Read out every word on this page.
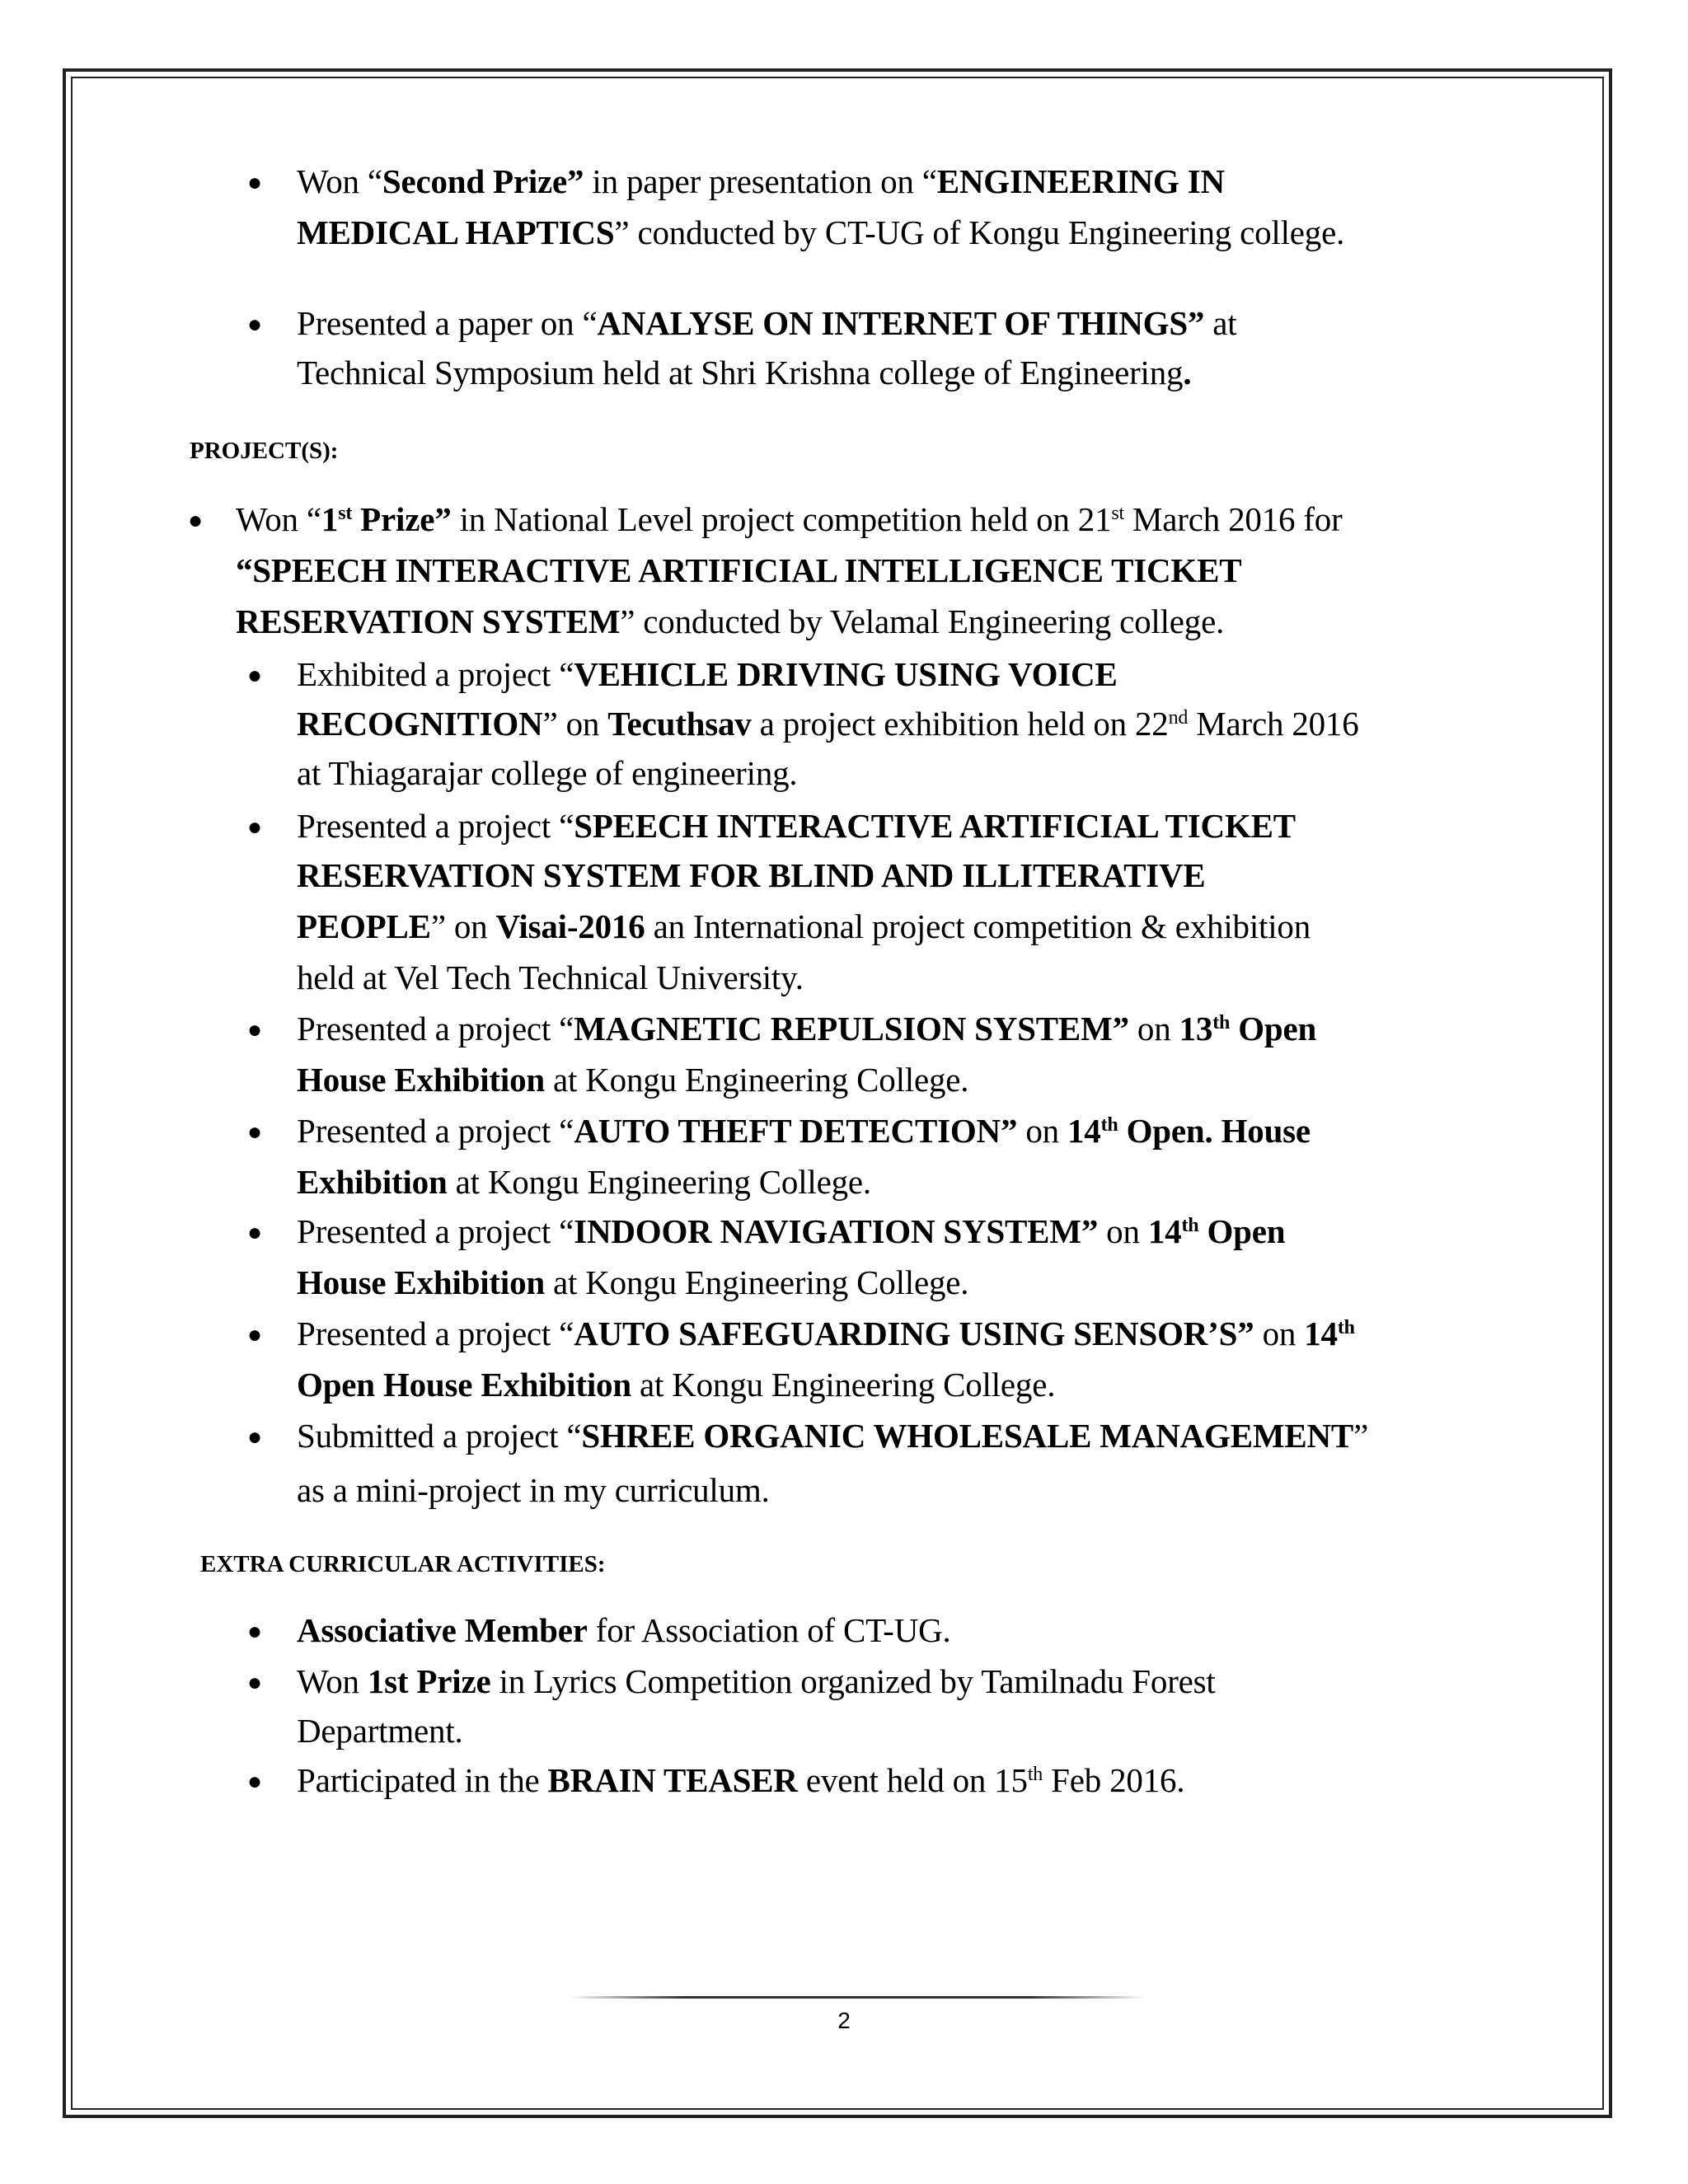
● Won “Second Prize” in paper presentation on “ENGINEERING IN
MEDICAL HAPTICS” conducted by CT-UG of Kongu Engineering college.
● Presented a paper on “ANALYSE ON INTERNET OF THINGS” at
Technical Symposium held at Shri Krishna college of Engineering.
PROJECT(S):
● Won “1st Prize” in National Level project competition held on 21st March 2016 for
“SPEECH INTERACTIVE ARTIFICIAL INTELLIGENCE TICKET
RESERVATION SYSTEM” conducted by Velamal Engineering college.
● Exhibited a project “VEHICLE DRIVING USING VOICE
RECOGNITION” on Tecuthsav a project exhibition held on 22nd March 2016
at Thiagarajar college of engineering.
● Presented a project “SPEECH INTERACTIVE ARTIFICIAL TICKET
RESERVATION SYSTEM FOR BLIND AND ILLITERATIVE
PEOPLE” on Visai-2016 an International project competition & exhibition
held at Vel Tech Technical University.
● Presented a project “MAGNETIC REPULSION SYSTEM” on 13th Open
House Exhibition at Kongu Engineering College.
● Presented a project “AUTO THEFT DETECTION” on 14th Open. House
Exhibition at Kongu Engineering College.
● Presented a project “INDOOR NAVIGATION SYSTEM” on 14th Open
House Exhibition at Kongu Engineering College.
● Presented a project “AUTO SAFEGUARDING USING SENSOR’S” on 14th
Open House Exhibition at Kongu Engineering College.
● Submitted a project “SHREE ORGANIC WHOLESALE MANAGEMENT”
as a mini-project in my curriculum.
EXTRA CURRICULAR ACTIVITIES:
● Associative Member for Association of CT-UG.
● Won 1st Prize in Lyrics Competition organized by Tamilnadu Forest
Department.
● Participated in the BRAIN TEASER event held on 15th Feb 2016.
2
